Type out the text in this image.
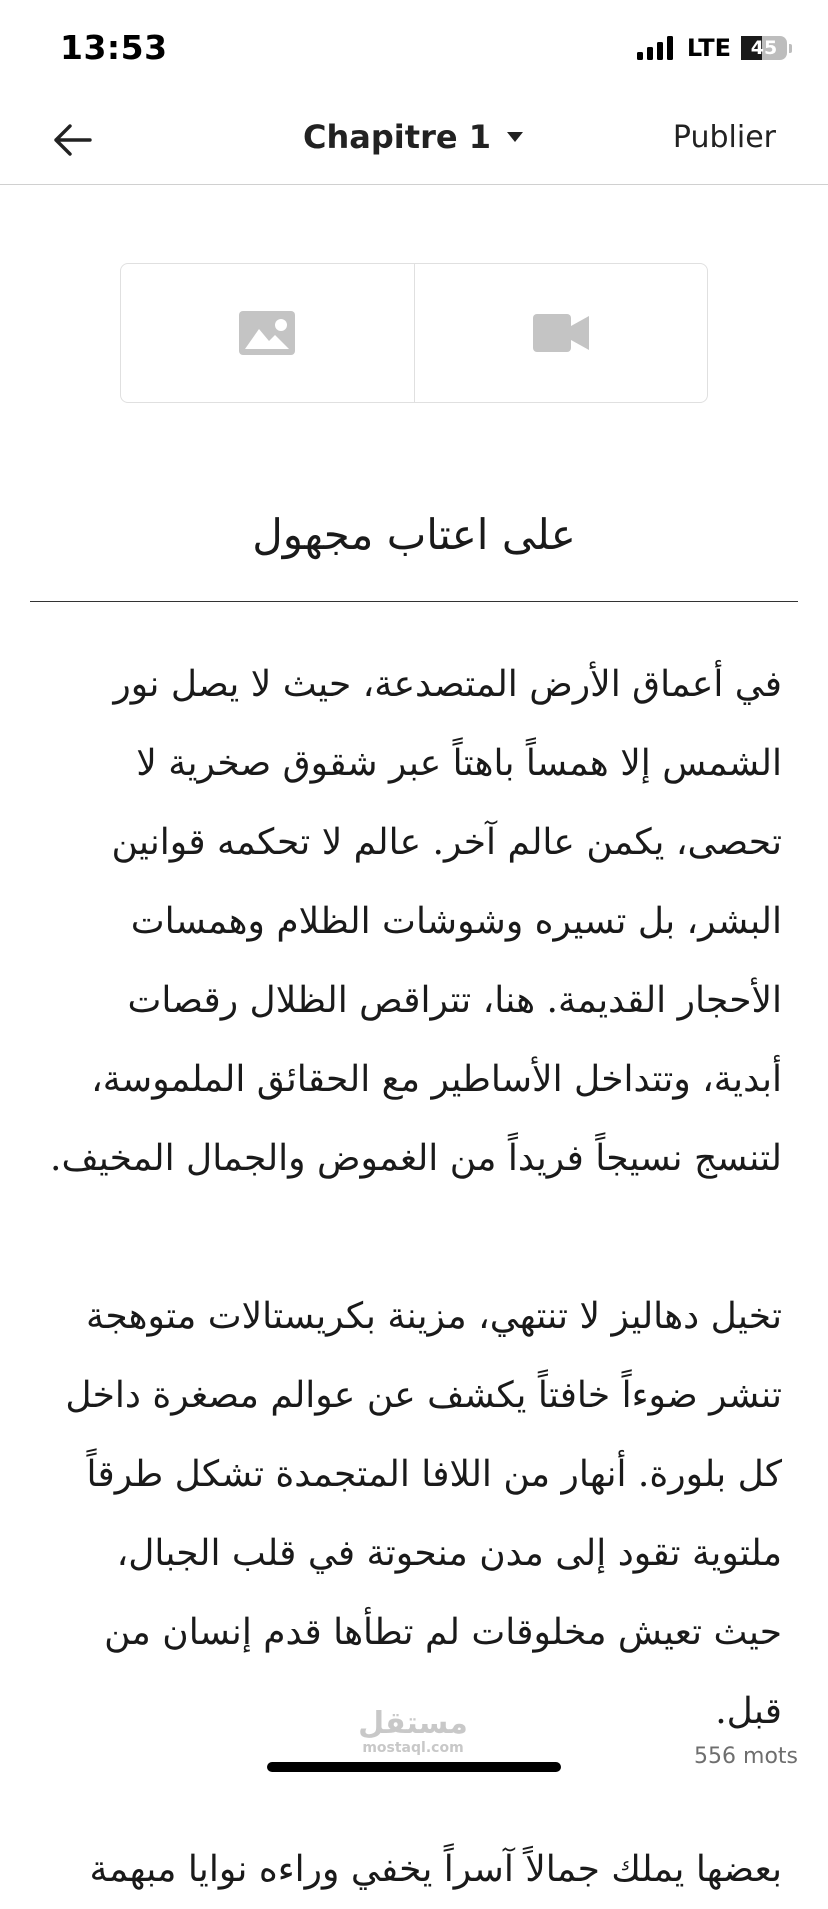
13:53	LTE	45
Chapitre 1	Publier
على اعتاب مجهول

في أعماق الأرض المتصدعة، حيث لا يصل نور الشمس إلا همساً باهتاً عبر شقوق صخرية لا تحصى، يكمن عالم آخر. عالم لا تحكمه قوانين البشر، بل تسيره وشوشات الظلام وهمسات الأحجار القديمة. هنا، تتراقص الظلال رقصات أبدية، وتتداخل الأساطير مع الحقائق الملموسة، لتنسج نسيجاً فريداً من الغموض والجمال المخيف.

تخيل دهاليز لا تنتهي، مزينة بكريستالات متوهجة تنشر ضوءاً خافتاً يكشف عن عوالم مصغرة داخل كل بلورة. أنهار من اللافا المتجمدة تشكل طرقاً ملتوية تقود إلى مدن منحوتة في قلب الجبال، حيث تعيش مخلوقات لم تطأها قدم إنسان من قبل.

بعضها يملك جمالاً آسراً يخفي وراءه نوايا مبهمة

مستقل
mostaql.com	556 mots
